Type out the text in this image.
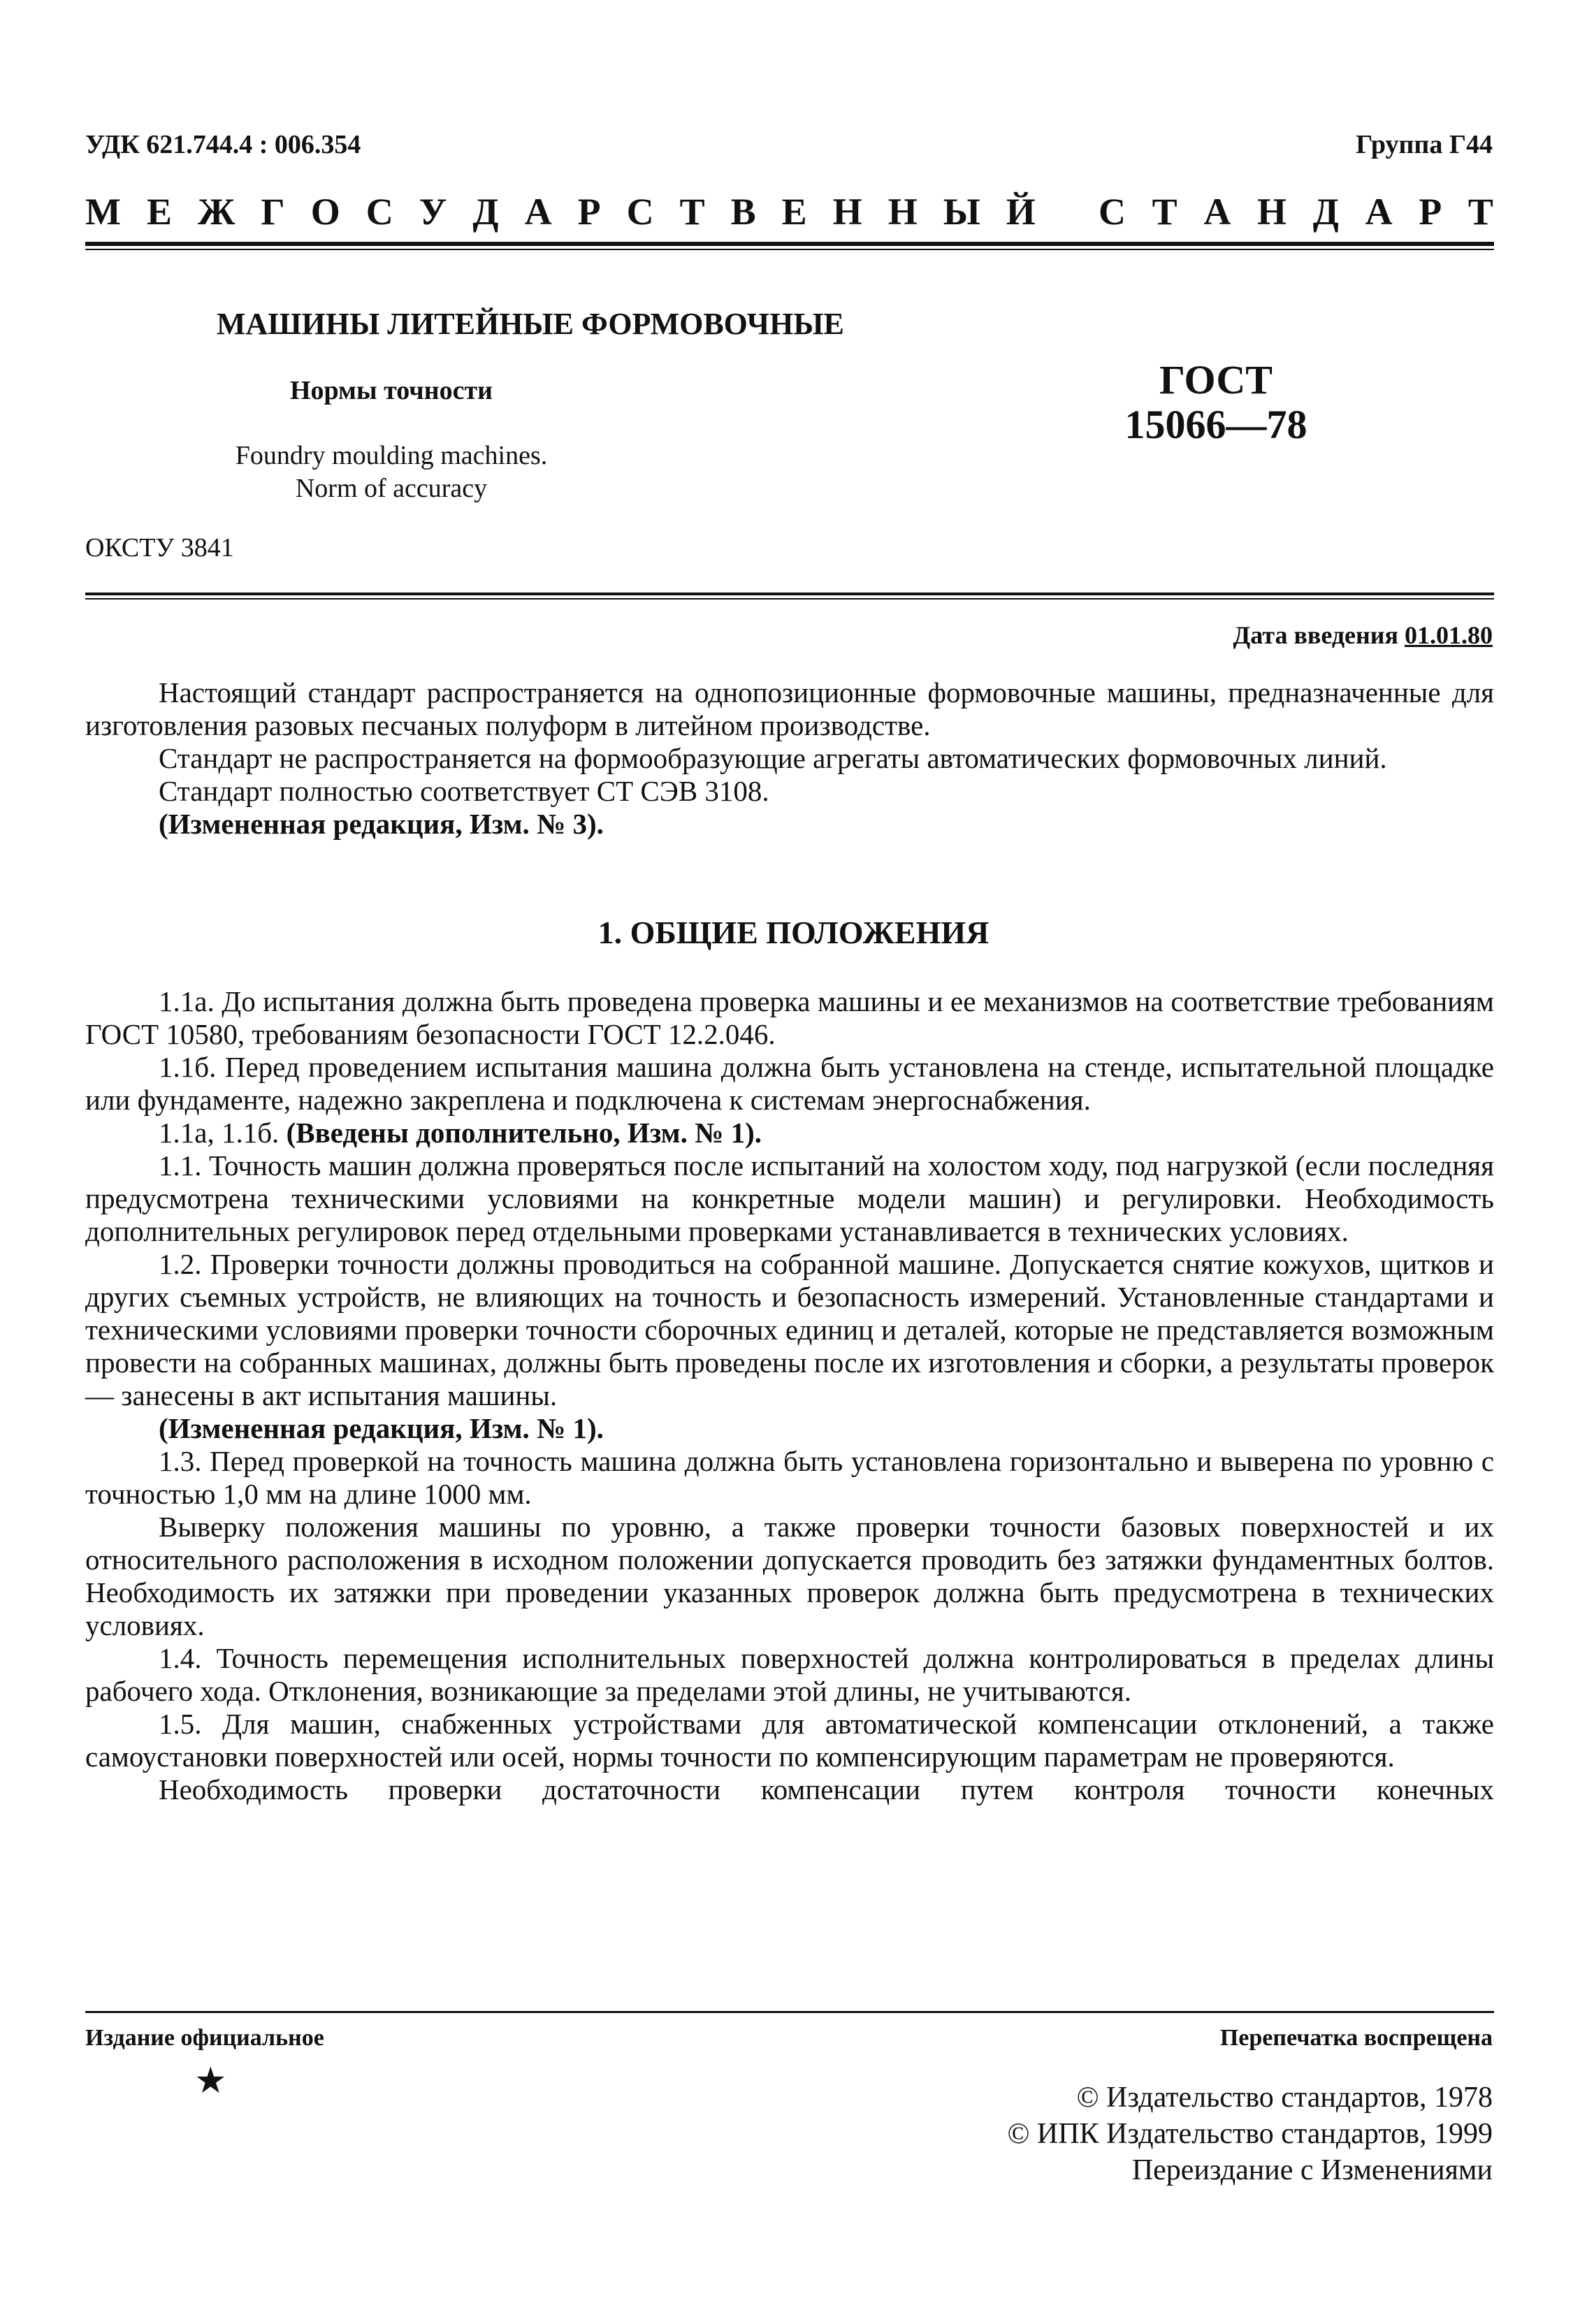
УДК 621.744.4 : 006.354	Группа Г44
М Е Ж Г О С У Д А Р С Т В Е Н Н Ы Й С Т А Н Д А Р Т
МАШИНЫ ЛИТЕЙНЫЕ ФОРМОВОЧНЫЕ
Нормы точности
Foundry moulding machines.
Norm of accuracy
ГОСТ
15066—78
ОКСТУ 3841
Дата введения 01.01.80

Настоящий стандарт распространяется на однопозиционные формовочные машины, предназначенные для изготовления разовых песчаных полуформ в литейном производстве.

Стандарт не распространяется на формообразующие агрегаты автоматических формовочных линий.

Стандарт полностью соответствует СТ СЭВ 3108.

(Измененная редакция, Изм. № 3).

1. ОБЩИЕ ПОЛОЖЕНИЯ

1.1а. До испытания должна быть проведена проверка машины и ее механизмов на соответствие требованиям ГОСТ 10580, требованиям безопасности ГОСТ 12.2.046.

1.1б. Перед проведением испытания машина должна быть установлена на стенде, испытательной площадке или фундаменте, надежно закреплена и подключена к системам энергоснабжения.

1.1а, 1.1б. (Введены дополнительно, Изм. № 1).

1.1. Точность машин должна проверяться после испытаний на холостом ходу, под нагрузкой (если последняя предусмотрена техническими условиями на конкретные модели машин) и регулировки. Необходимость дополнительных регулировок перед отдельными проверками устанавливается в технических условиях.

1.2. Проверки точности должны проводиться на собранной машине. Допускается снятие кожухов, щитков и других съемных устройств, не влияющих на точность и безопасность измерений. Установленные стандартами и техническими условиями проверки точности сборочных единиц и деталей, которые не представляется возможным провести на собранных машинах, должны быть проведены после их изготовления и сборки, а результаты проверок — занесены в акт испытания машины.

(Измененная редакция, Изм. № 1).

1.3. Перед проверкой на точность машина должна быть установлена горизонтально и выверена по уровню с точностью 1,0 мм на длине 1000 мм.

Выверку положения машины по уровню, а также проверки точности базовых поверхностей и их относительного расположения в исходном положении допускается проводить без затяжки фундаментных болтов. Необходимость их затяжки при проведении указанных проверок должна быть предусмотрена в технических условиях.

1.4. Точность перемещения исполнительных поверхностей должна контролироваться в пределах длины рабочего хода. Отклонения, возникающие за пределами этой длины, не учитываются.

1.5. Для машин, снабженных устройствами для автоматической компенсации отклонений, а также самоустановки поверхностей или осей, нормы точности по компенсирующим параметрам не проверяются.

Необходимость проверки достаточности компенсации путем контроля точности конечных

Издание официальное	Перепечатка воспрещена
★	© Издательство стандартов, 1978
© ИПК Издательство стандартов, 1999
Переиздание с Изменениями
